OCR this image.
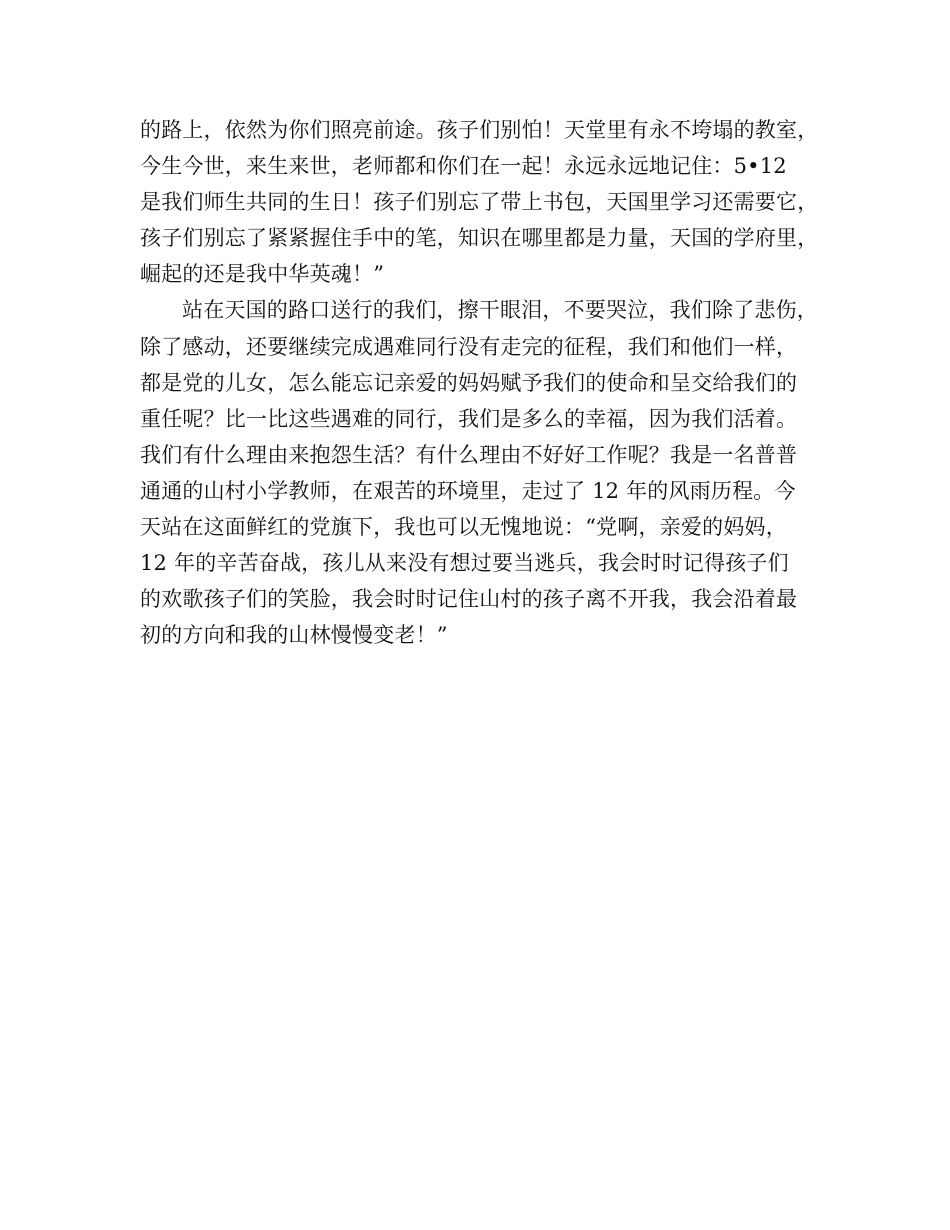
的路上，依然为你们照亮前途。孩子们别怕！天堂里有永不垮塌的教室，
今生今世，来生来世，老师都和你们在一起！永远永远地记住：5•12
是我们师生共同的生日！孩子们别忘了带上书包，天国里学习还需要它，
孩子们别忘了紧紧握住手中的笔，知识在哪里都是力量，天国的学府里，
崛起的还是我中华英魂！”
站在天国的路口送行的我们，擦干眼泪，不要哭泣，我们除了悲伤，
除了感动，还要继续完成遇难同行没有走完的征程，我们和他们一样，
都是党的儿女，怎么能忘记亲爱的妈妈赋予我们的使命和呈交给我们的
重任呢？比一比这些遇难的同行，我们是多么的幸福，因为我们活着。
我们有什么理由来抱怨生活？有什么理由不好好工作呢？我是一名普普
通通的山村小学教师，在艰苦的环境里，走过了 12 年的风雨历程。今
天站在这面鲜红的党旗下，我也可以无愧地说：“党啊，亲爱的妈妈，
12 年的辛苦奋战，孩儿从来没有想过要当逃兵，我会时时记得孩子们
的欢歌孩子们的笑脸，我会时时记住山村的孩子离不开我，我会沿着最
初的方向和我的山林慢慢变老！”
